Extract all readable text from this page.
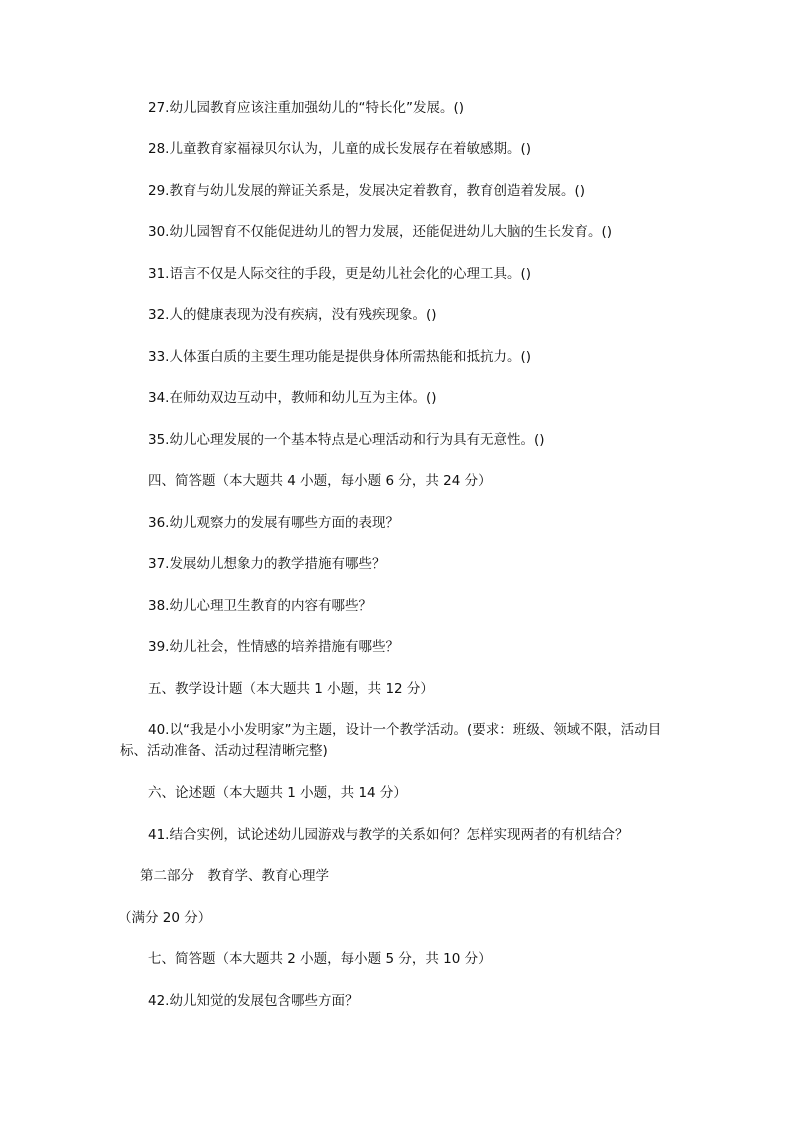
27.幼儿园教育应该注重加强幼儿的“特长化”发展。()
28.儿童教育家福禄贝尔认为，儿童的成长发展存在着敏感期。()
29.教育与幼儿发展的辩证关系是，发展决定着教育，教育创造着发展。()
30.幼儿园智育不仅能促进幼儿的智力发展，还能促进幼儿大脑的生长发育。()
31.语言不仅是人际交往的手段，更是幼儿社会化的心理工具。()
32.人的健康表现为没有疾病，没有残疾现象。()
33.人体蛋白质的主要生理功能是提供身体所需热能和抵抗力。()
34.在师幼双边互动中，教师和幼儿互为主体。()
35.幼儿心理发展的一个基本特点是心理活动和行为具有无意性。()
四、简答题（本大题共 4 小题，每小题 6 分，共 24 分）
36.幼儿观察力的发展有哪些方面的表现？
37.发展幼儿想象力的教学措施有哪些？
38.幼儿心理卫生教育的内容有哪些？
39.幼儿社会，性情感的培养措施有哪些？
五、教学设计题（本大题共 1 小题，共 12 分）
40.以“我是小小发明家”为主题，设计一个教学活动。(要求：班级、领域不限，活动目标、活动准备、活动过程清晰完整)
六、论述题（本大题共 1 小题，共 14 分）
41.结合实例，试论述幼儿园游戏与教学的关系如何？怎样实现两者的有机结合？
第二部分　教育学、教育心理学
（满分 20 分）
七、简答题（本大题共 2 小题，每小题 5 分，共 10 分）
42.幼儿知觉的发展包含哪些方面？
